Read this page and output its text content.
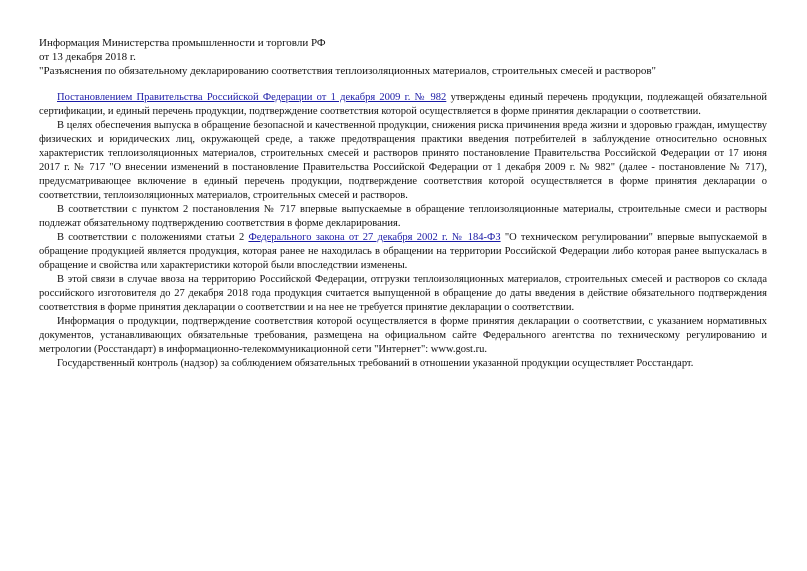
Информация Министерства промышленности и торговли РФ
от 13 декабря 2018 г.
"Разъяснения по обязательному декларированию соответствия теплоизоляционных материалов, строительных смесей и растворов"

Постановлением Правительства Российской Федерации от 1 декабря 2009 г. № 982 утверждены единый перечень продукции, подлежащей обязательной сертификации, и единый перечень продукции, подтверждение соответствия которой осуществляется в форме принятия декларации о соответствии.

В целях обеспечения выпуска в обращение безопасной и качественной продукции, снижения риска причинения вреда жизни и здоровью граждан, имуществу физических и юридических лиц, окружающей среде, а также предотвращения практики введения потребителей в заблуждение относительно основных характеристик теплоизоляционных материалов, строительных смесей и растворов принято постановление Правительства Российской Федерации от 17 июня 2017 г. № 717 "О внесении изменений в постановление Правительства Российской Федерации от 1 декабря 2009 г. № 982" (далее - постановление № 717), предусматривающее включение в единый перечень продукции, подтверждение соответствия которой осуществляется в форме принятия декларации о соответствии, теплоизоляционных материалов, строительных смесей и растворов.

В соответствии с пунктом 2 постановления № 717 впервые выпускаемые в обращение теплоизоляционные материалы, строительные смеси и растворы подлежат обязательному подтверждению соответствия в форме декларирования.

В соответствии с положениями статьи 2 Федерального закона от 27 декабря 2002 г. № 184-ФЗ "О техническом регулировании" впервые выпускаемой в обращение продукцией является продукция, которая ранее не находилась в обращении на территории Российской Федерации либо которая ранее выпускалась в обращение и свойства или характеристики которой были впоследствии изменены.

В этой связи в случае ввоза на территорию Российской Федерации, отгрузки теплоизоляционных материалов, строительных смесей и растворов со склада российского изготовителя до 27 декабря 2018 года продукция считается выпущенной в обращение до даты введения в действие обязательного подтверждения соответствия в форме принятия декларации о соответствии и на нее не требуется принятие декларации о соответствии.

Информация о продукции, подтверждение соответствия которой осуществляется в форме принятия декларации о соответствии, с указанием нормативных документов, устанавливающих обязательные требования, размещена на официальном сайте Федерального агентства по техническому регулированию и метрологии (Росстандарт) в информационно-телекоммуникационной сети "Интернет": www.gost.ru.

Государственный контроль (надзор) за соблюдением обязательных требований в отношении указанной продукции осуществляет Росстандарт.
